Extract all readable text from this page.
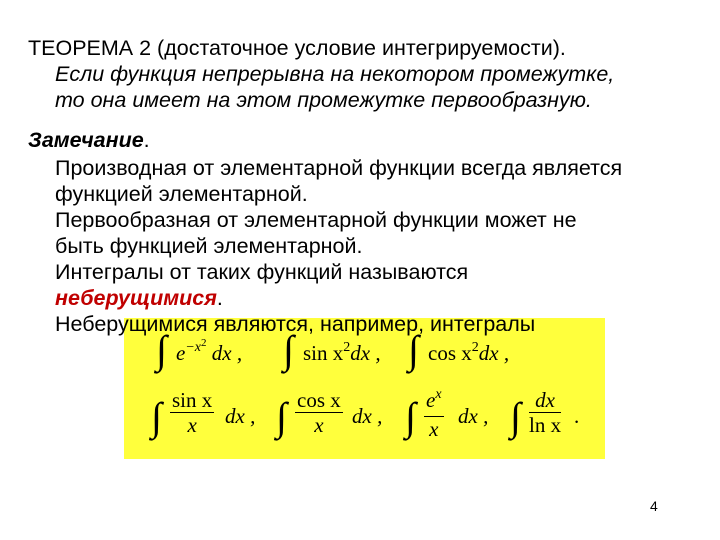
ТЕОРЕМА 2 (достаточное условие интегрируемости).
Если функция непрерывна на некотором промежутке,
то она имеет на этом промежутке первообразную.
Замечание.
Производная от элементарной функции всегда является
функцией элементарной.
Первообразная от элементарной функции может не
быть функцией элементарной.
Интегралы от таких функций называются
неберущимися.
Неберущимися являются, например, интегралы
∫ $e^{-x^2}$ dx , ∫ $\sin x^2dx$ , ∫ $\cos x^2dx$ ,
∫ $\frac{\text{sin x}}{x}$ dx , ∫ $\frac{\text{cos x}}{x}$ dx , ∫ $\frac{e^x}{x}$ dx , ∫ $\frac{dx}{\text{ln x}}$ .
4
